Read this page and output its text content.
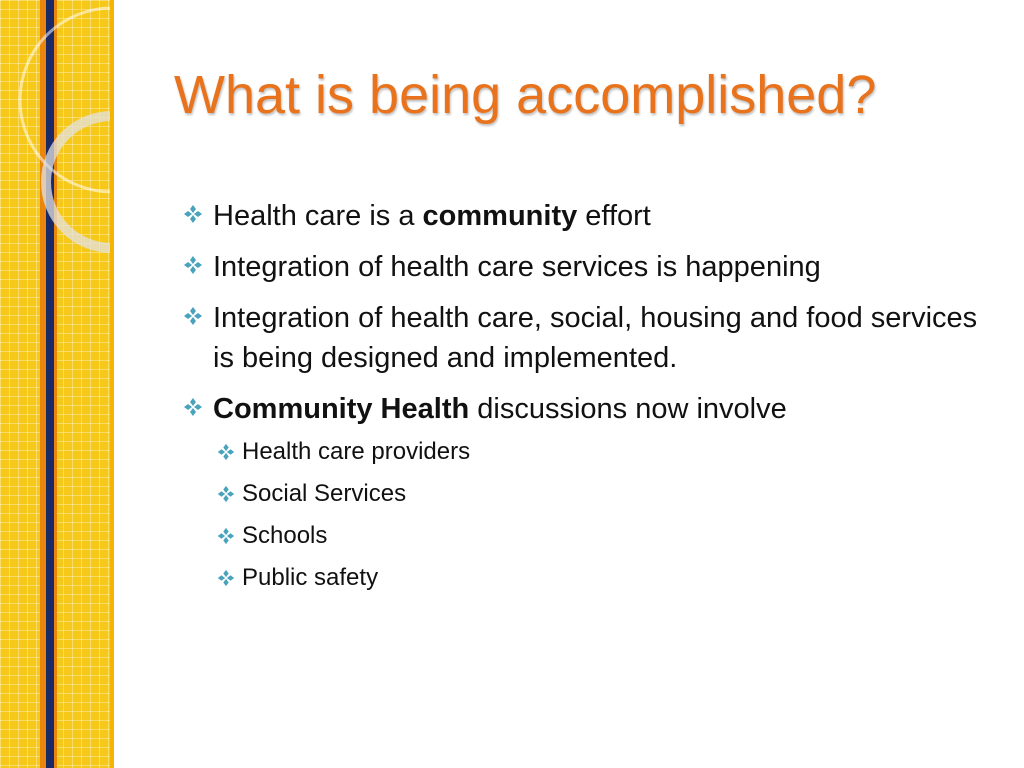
What is being accomplished?
Health care is a community effort
Integration of health care services is happening
Integration of health care, social, housing and food services is being designed and implemented.
Community Health discussions now involve
Health care providers
Social Services
Schools
Public safety
